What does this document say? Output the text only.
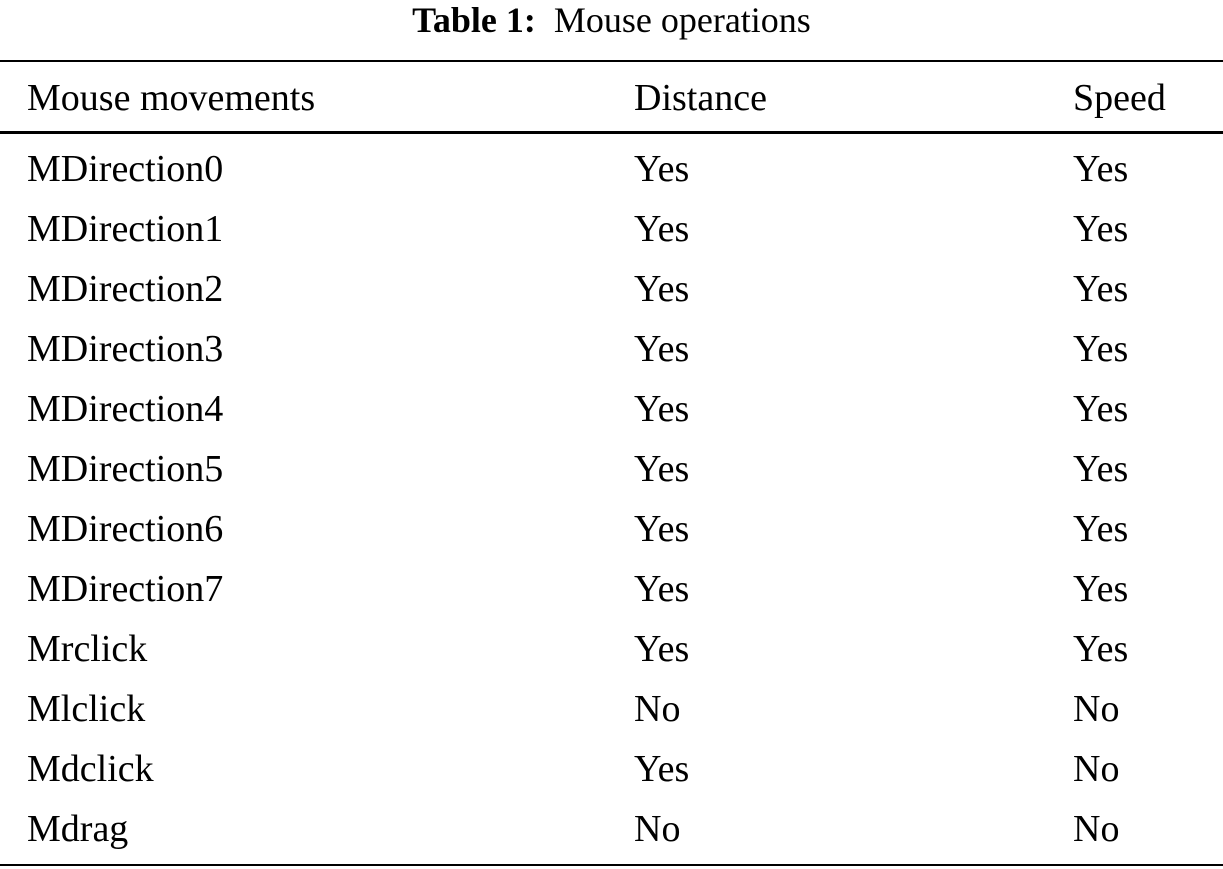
Table 1: Mouse operations
Mouse movements	Distance	Speed
MDirection0	Yes	Yes
MDirection1	Yes	Yes
MDirection2	Yes	Yes
MDirection3	Yes	Yes
MDirection4	Yes	Yes
MDirection5	Yes	Yes
MDirection6	Yes	Yes
MDirection7	Yes	Yes
Mrclick	Yes	Yes
Mlclick	No	No
Mdclick	Yes	No
Mdrag	No	No
